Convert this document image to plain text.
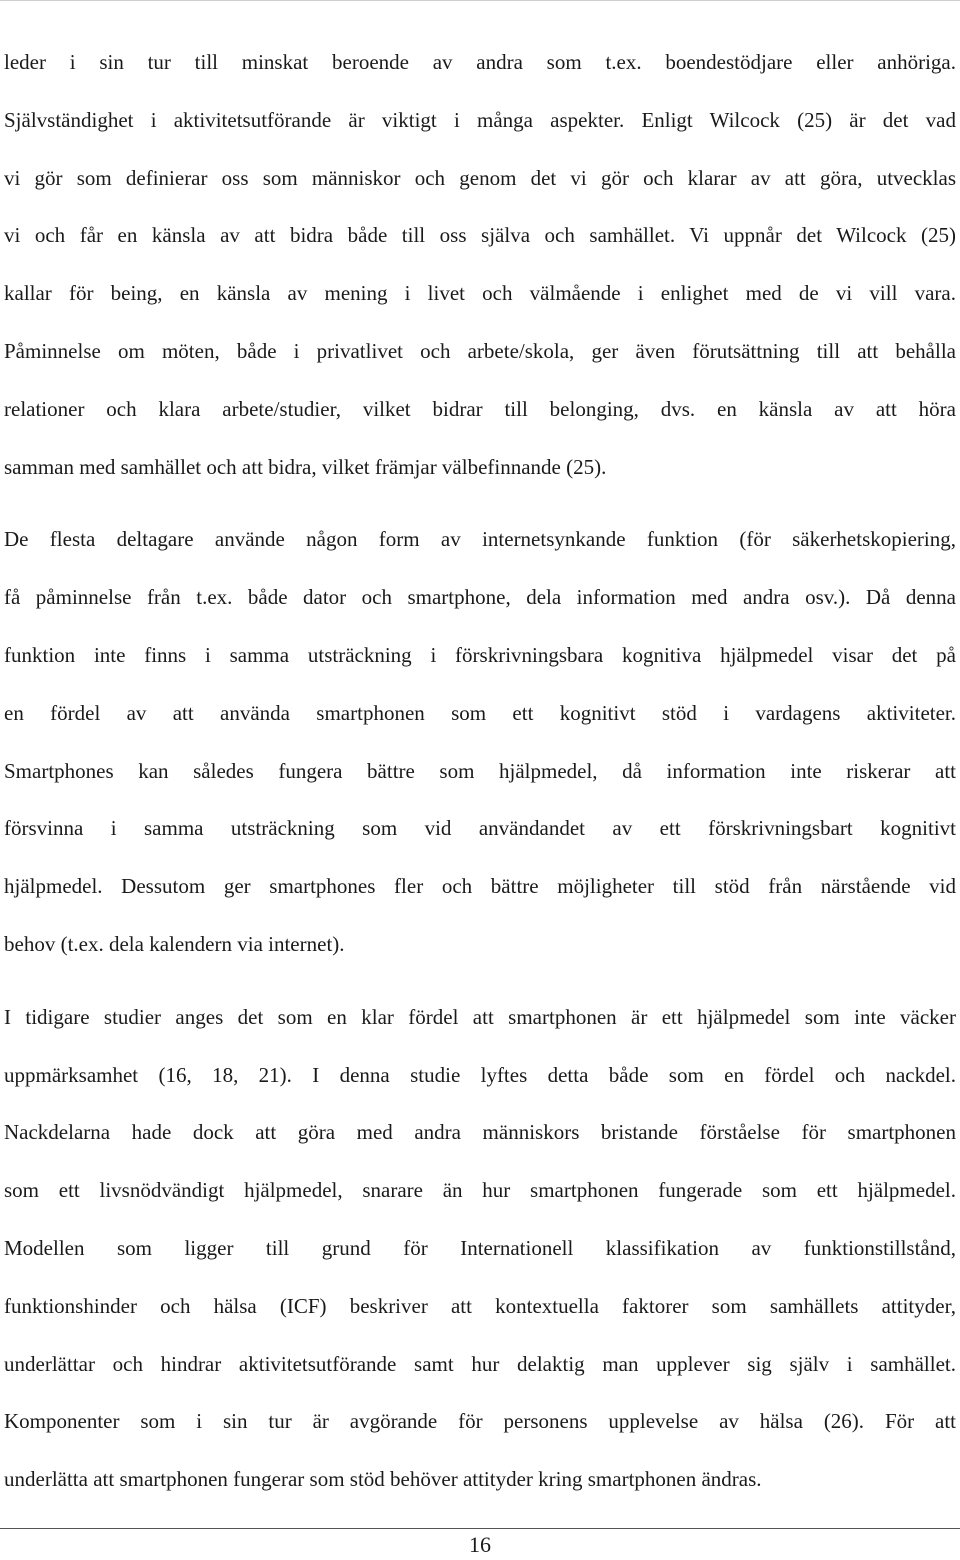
leder i sin tur till minskat beroende av andra som t.ex. boendestödjare eller anhöriga.
Självständighet i aktivitetsutförande är viktigt i många aspekter. Enligt Wilcock (25) är det vad
vi gör som definierar oss som människor och genom det vi gör och klarar av att göra, utvecklas
vi och får en känsla av att bidra både till oss själva och samhället. Vi uppnår det Wilcock (25)
kallar för being, en känsla av mening i livet och välmående i enlighet med de vi vill vara.
Påminnelse om möten, både i privatlivet och arbete/skola, ger även förutsättning till att behålla
relationer och klara arbete/studier, vilket bidrar till belonging, dvs. en känsla av att höra
samman med samhället och att bidra, vilket främjar välbefinnande (25).

De flesta deltagare använde någon form av internetsynkande funktion (för säkerhetskopiering,
få påminnelse från t.ex. både dator och smartphone, dela information med andra osv.). Då denna
funktion inte finns i samma utsträckning i förskrivningsbara kognitiva hjälpmedel visar det på
en fördel av att använda smartphonen som ett kognitivt stöd i vardagens aktiviteter.
Smartphones kan således fungera bättre som hjälpmedel, då information inte riskerar att
försvinna i samma utsträckning som vid användandet av ett förskrivningsbart kognitivt
hjälpmedel. Dessutom ger smartphones fler och bättre möjligheter till stöd från närstående vid
behov (t.ex. dela kalendern via internet).

I tidigare studier anges det som en klar fördel att smartphonen är ett hjälpmedel som inte väcker
uppmärksamhet (16, 18, 21). I denna studie lyftes detta både som en fördel och nackdel.
Nackdelarna hade dock att göra med andra människors bristande förståelse för smartphonen
som ett livsnödvändigt hjälpmedel, snarare än hur smartphonen fungerade som ett hjälpmedel.
Modellen som ligger till grund för Internationell klassifikation av funktionstillstånd,
funktionshinder och hälsa (ICF) beskriver att kontextuella faktorer som samhällets attityder,
underlättar och hindrar aktivitetsutförande samt hur delaktig man upplever sig själv i samhället.
Komponenter som i sin tur är avgörande för personens upplevelse av hälsa (26). För att
underlätta att smartphonen fungerar som stöd behöver attityder kring smartphonen ändras.

16
